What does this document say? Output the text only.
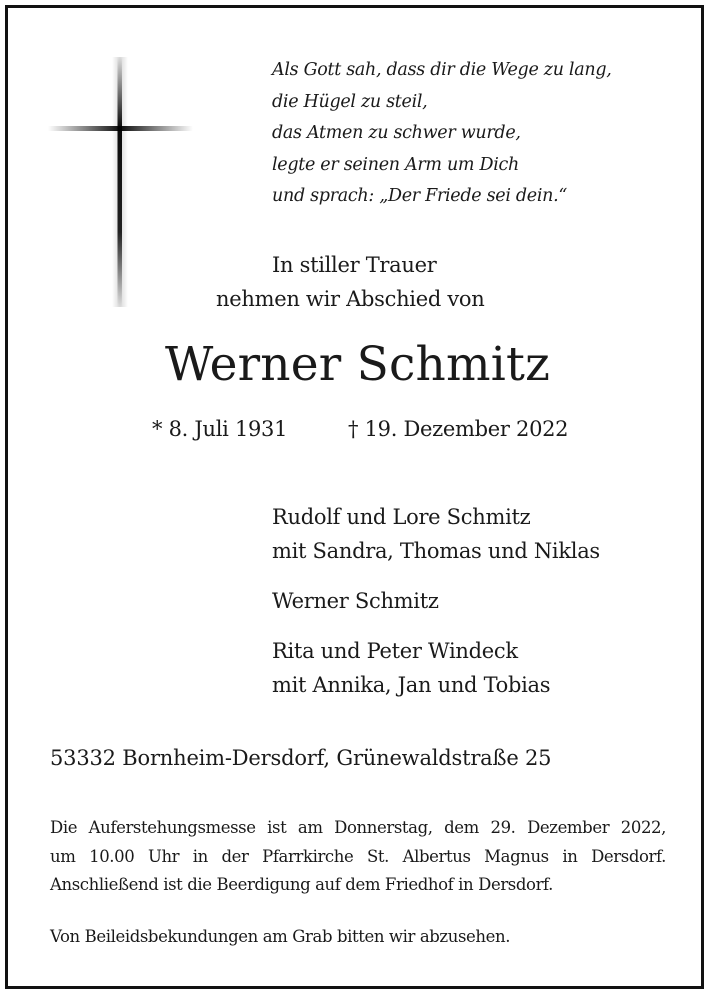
Als Gott sah, dass dir die Wege zu lang,
die Hügel zu steil,
das Atmen zu schwer wurde,
legte er seinen Arm um Dich
und sprach: „Der Friede sei dein.“
In stiller Trauer
nehmen wir Abschied von
Werner Schmitz
* 8. Juli 1931	† 19. Dezember 2022
Rudolf und Lore Schmitz
mit Sandra, Thomas und Niklas
Werner Schmitz
Rita und Peter Windeck
mit Annika, Jan und Tobias
53332 Bornheim-Dersdorf, Grünewaldstraße 25
Die Auferstehungsmesse ist am Donnerstag, dem 29. Dezember 2022,
um 10.00 Uhr in der Pfarrkirche St. Albertus Magnus in Dersdorf.
Anschließend ist die Beerdigung auf dem Friedhof in Dersdorf.
Von Beileidsbekundungen am Grab bitten wir abzusehen.
